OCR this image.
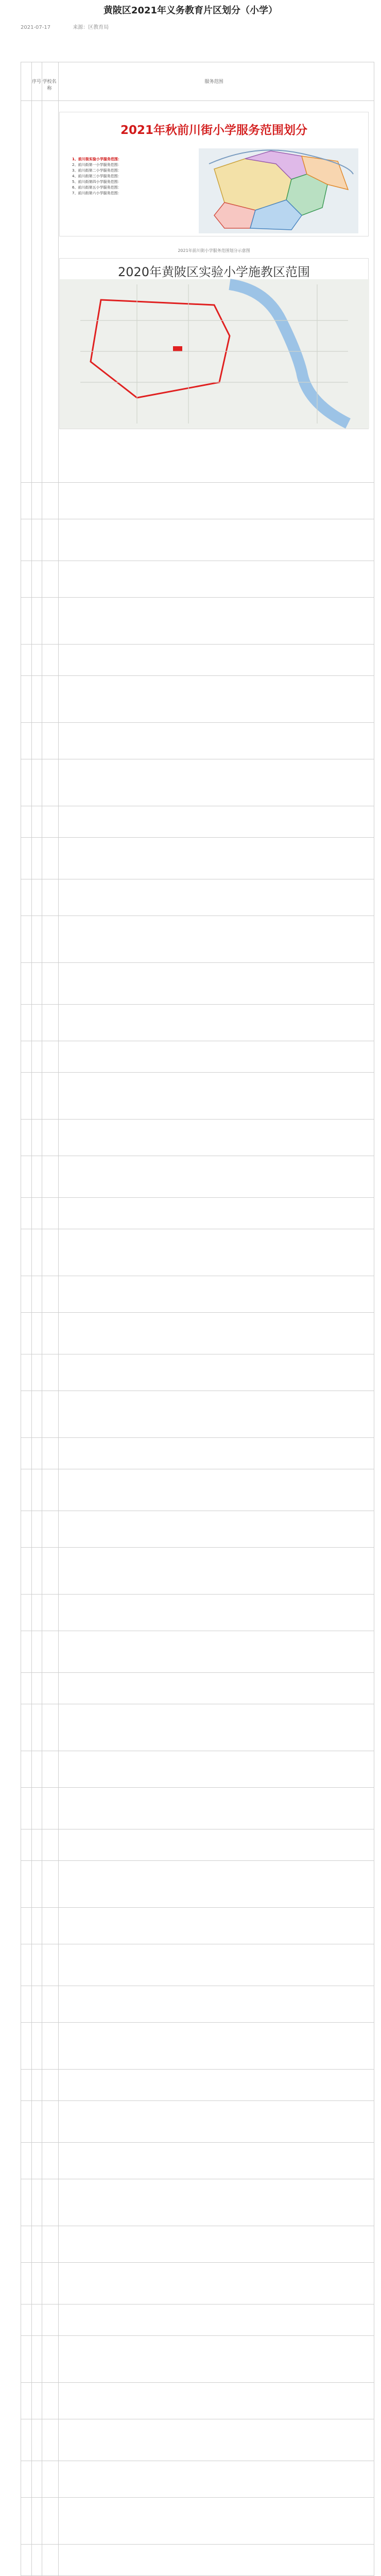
黄陂区2021年义务教育片区划分（小学）
2021-07-17	来源：区教育局
序号 学校名称
服务范围
2021年秋前川街小学服务范围划分
1、前川街实验小学服务范围：
2、前川街第一小学服务范围：
3、前川街第二小学服务范围：
4、前川街第三小学服务范围：
5、前川街第四小学服务范围：
6、前川街第五小学服务范围：
7、前川街第六小学服务范围：
2021年前川街小学服务范围划分示意图
2020年黄陂区实验小学施教区范围
